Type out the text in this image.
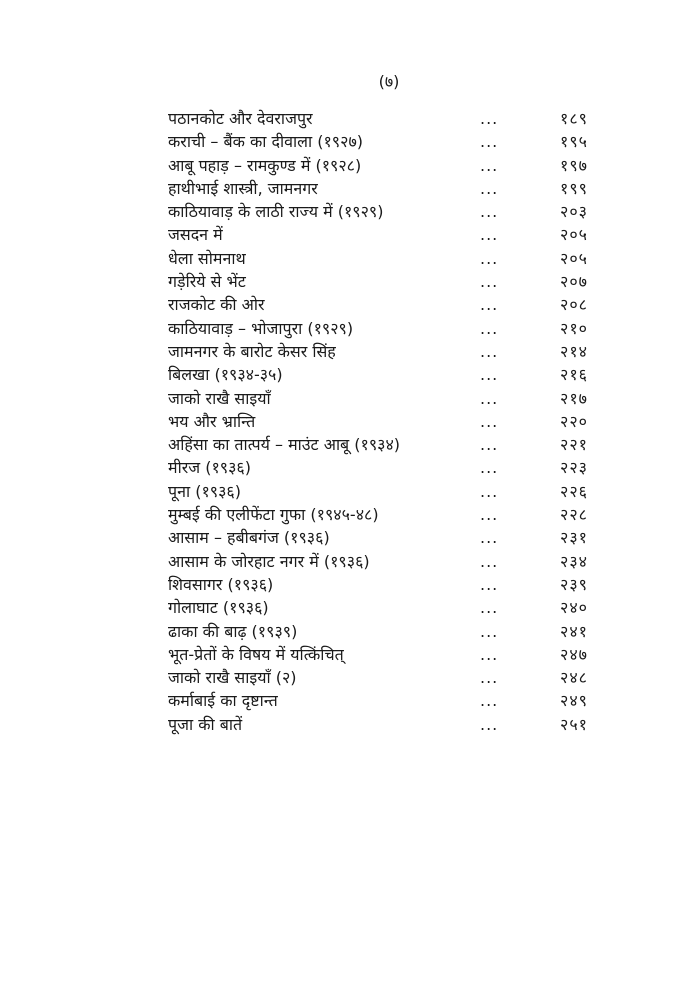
(७)
पठानकोट और देवराजपुर	...	१८९
कराची – बैंक का दीवाला (१९२७)	...	१९५
आबू पहाड़ – रामकुण्ड में (१९२८)	...	१९७
हाथीभाई शास्त्री, जामनगर	...	१९९
काठियावाड़ के लाठी राज्य में (१९२९)	...	२०३
जसदन में	...	२०५
धेला सोमनाथ	...	२०५
गड़ेरिये से भेंट	...	२०७
राजकोट की ओर	...	२०८
काठियावाड़ – भोजापुरा (१९२९)	...	२१०
जामनगर के बारोट केसर सिंह	...	२१४
बिलखा (१९३४-३५)	...	२१६
जाको राखै साइयाँ	...	२१७
भय और भ्रान्ति	...	२२०
अहिंसा का तात्पर्य – माउंट आबू (१९३४)	...	२२१
मीरज (१९३६)	...	२२३
पूना (१९३६)	...	२२६
मुम्बई की एलीफेंटा गुफा (१९४५-४८)	...	२२८
आसाम – हबीबगंज (१९३६)	...	२३१
आसाम के जोरहाट नगर में (१९३६)	...	२३४
शिवसागर (१९३६)	...	२३९
गोलाघाट (१९३६)	...	२४०
ढाका की बाढ़ (१९३९)	...	२४१
भूत-प्रेतों के विषय में यत्किंचित्	...	२४७
जाको राखै साइयाँ (२)	...	२४८
कर्माबाई का दृष्टान्त	...	२४९
पूजा की बातें	...	२५१
